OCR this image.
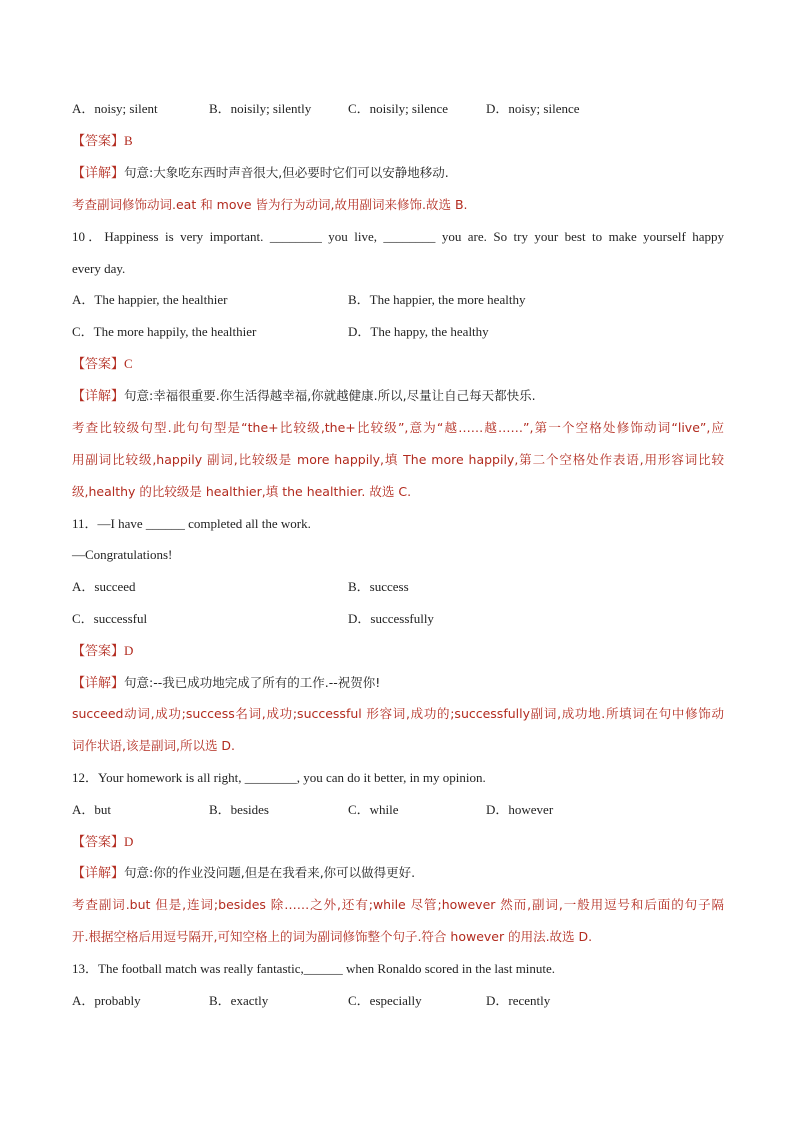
A．noisy; silent	B．noisily; silently	C．noisily; silence	D．noisy; silence
【答案】B
【详解】句意:大象吃东西时声音很大,但必要时它们可以安静地移动.
考查副词修饰动词.eat 和 move 皆为行为动词,故用副词来修饰.故选 B.
10．Happiness is very important. ________ you live, ________ you are. So try your best to make yourself happy
every day.
A．The happier, the healthier	B．The happier, the more healthy
C．The more happily, the healthier	D．The happy, the healthy
【答案】C
【详解】句意:幸福很重要.你生活得越幸福,你就越健康.所以,尽量让自己每天都快乐.
考查比较级句型.此句句型是“the+比较级,the+比较级”,意为“越……越……”,第一个空格处修饰动词“live”,应
用副词比较级,happily 副词,比较级是 more happily,填 The more happily,第二个空格处作表语,用形容词比较
级,healthy 的比较级是 healthier,填 the healthier. 故选 C.
11．—I have ______ completed all the work.
—Congratulations!
A．succeed	B．success
C．successful	D．successfully
【答案】D
【详解】句意:--我已成功地完成了所有的工作.--祝贺你!
succeed动词,成功;success名词,成功;successful 形容词,成功的;successfully副词,成功地.所填词在句中修饰动
词作状语,该是副词,所以选 D.
12．Your homework is all right, ________, you can do it better, in my opinion.
A．but	B．besides	C．while	D．however
【答案】D
【详解】句意:你的作业没问题,但是在我看来,你可以做得更好.
考查副词.but 但是,连词;besides 除……之外,还有;while 尽管;however 然而,副词,一般用逗号和后面的句子隔
开.根据空格后用逗号隔开,可知空格上的词为副词修饰整个句子.符合 however 的用法.故选 D.
13．The football match was really fantastic,______ when Ronaldo scored in the last minute.
A．probably	B．exactly	C．especially	D．recently
